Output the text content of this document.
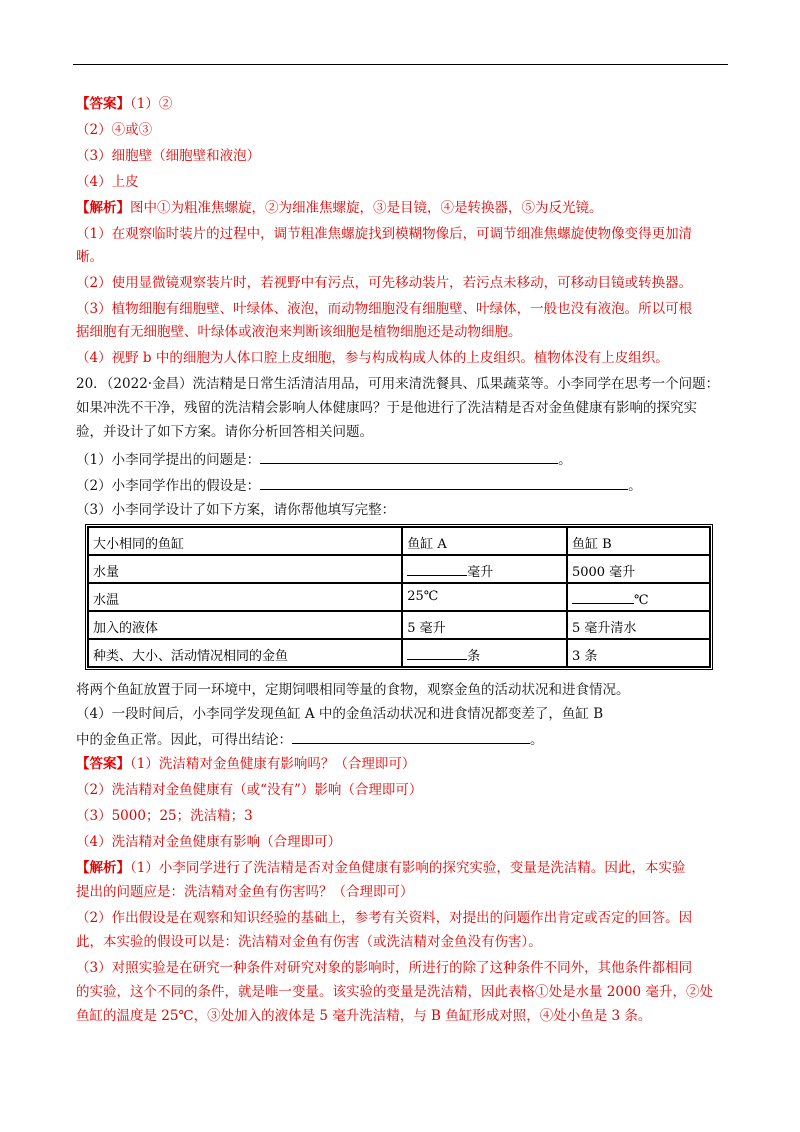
【答案】（1）②
（2）④或③
（3）细胞壁（细胞壁和液泡）
（4）上皮
【解析】图中①为粗准焦螺旋，②为细准焦螺旋，③是目镜，④是转换器，⑤为反光镜。
（1）在观察临时装片的过程中，调节粗准焦螺旋找到模糊物像后，可调节细准焦螺旋使物像变得更加清
晰。
（2）使用显微镜观察装片时，若视野中有污点，可先移动装片，若污点未移动，可移动目镜或转换器。
（3）植物细胞有细胞壁、叶绿体、液泡，而动物细胞没有细胞壁、叶绿体，一般也没有液泡。所以可根
据细胞有无细胞壁、叶绿体或液泡来判断该细胞是植物细胞还是动物细胞。
（4）视野 b 中的细胞为人体口腔上皮细胞，参与构成构成人体的上皮组织。植物体没有上皮组织。
20．（2022·金昌）洗洁精是日常生活清洁用品，可用来清洗餐具、瓜果蔬菜等。小李同学在思考一个问题：
如果冲洗不干净，残留的洗洁精会影响人体健康吗？于是他进行了洗洁精是否对金鱼健康有影响的探究实
验，并设计了如下方案。请你分析回答相关问题。
（1）小李同学提出的问题是：	。
（2）小李同学作出的假设是：	。
（3）小李同学设计了如下方案，请你帮他填写完整：
大小相同的鱼缸	鱼缸 A	鱼缸 B
水量	毫升	5000 毫升
水温	25℃	℃
加入的液体	5 毫升	5 毫升清水
种类、大小、活动情况相同的金鱼	条	3 条
将两个鱼缸放置于同一环境中，定期饲喂相同等量的食物，观察金鱼的活动状况和进食情况。
（4）一段时间后，小李同学发现鱼缸 A 中的金鱼活动状况和进食情况都变差了，鱼缸 B
中的金鱼正常。因此，可得出结论：	。
【答案】（1）洗洁精对金鱼健康有影响吗？（合理即可）
（2）洗洁精对金鱼健康有（或“没有”）影响（合理即可）
（3）5000；25；洗洁精；3
（4）洗洁精对金鱼健康有影响（合理即可）
【解析】（1）小李同学进行了洗洁精是否对金鱼健康有影响的探究实验，变量是洗洁精。因此，本实验
提出的问题应是：洗洁精对金鱼有伤害吗？（合理即可）
（2）作出假设是在观察和知识经验的基础上，参考有关资料，对提出的问题作出肯定或否定的回答。因
此，本实验的假设可以是：洗洁精对金鱼有伤害（或洗洁精对金鱼没有伤害）。
（3）对照实验是在研究一种条件对研究对象的影响时，所进行的除了这种条件不同外，其他条件都相同
的实验，这个不同的条件，就是唯一变量。该实验的变量是洗洁精，因此表格①处是水量 2000 毫升，②处
鱼缸的温度是 25℃，③处加入的液体是 5 毫升洗洁精，与 B 鱼缸形成对照，④处小鱼是 3 条。
